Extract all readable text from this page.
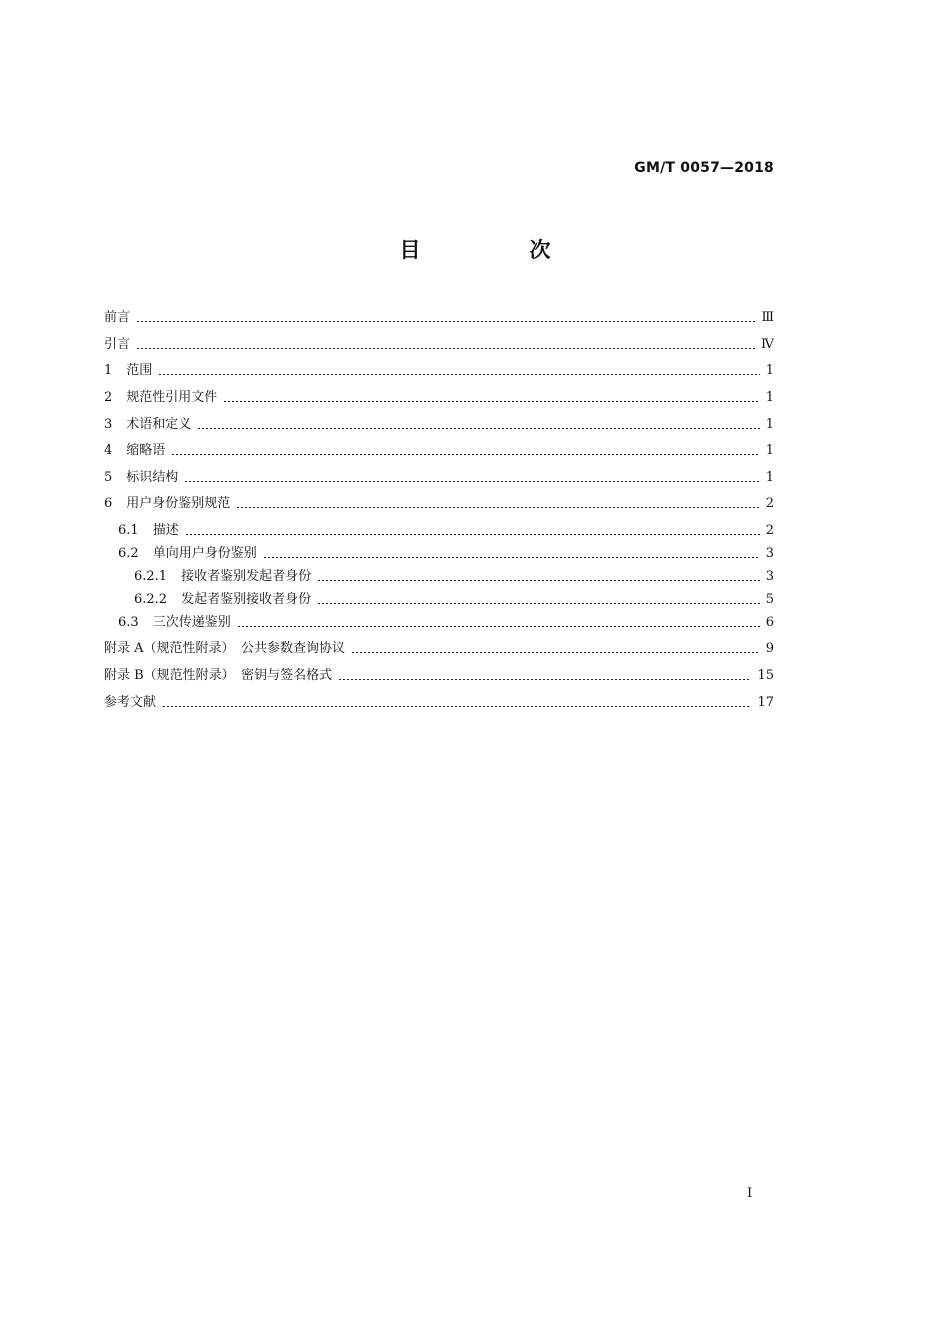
GM/T 0057—2018
目　次
前言	Ⅲ
引言	Ⅳ
1 范围	1
2 规范性引用文件	1
3 术语和定义	1
4 缩略语	1
5 标识结构	1
6 用户身份鉴别规范	2
6.1 描述	2
6.2 单向用户身份鉴别	3
6.2.1 接收者鉴别发起者身份	3
6.2.2 发起者鉴别接收者身份	5
6.3 三次传递鉴别	6
附录 A（规范性附录）　公共参数查询协议	9
附录 B（规范性附录）　密钥与签名格式	15
参考文献	17
Ⅰ
